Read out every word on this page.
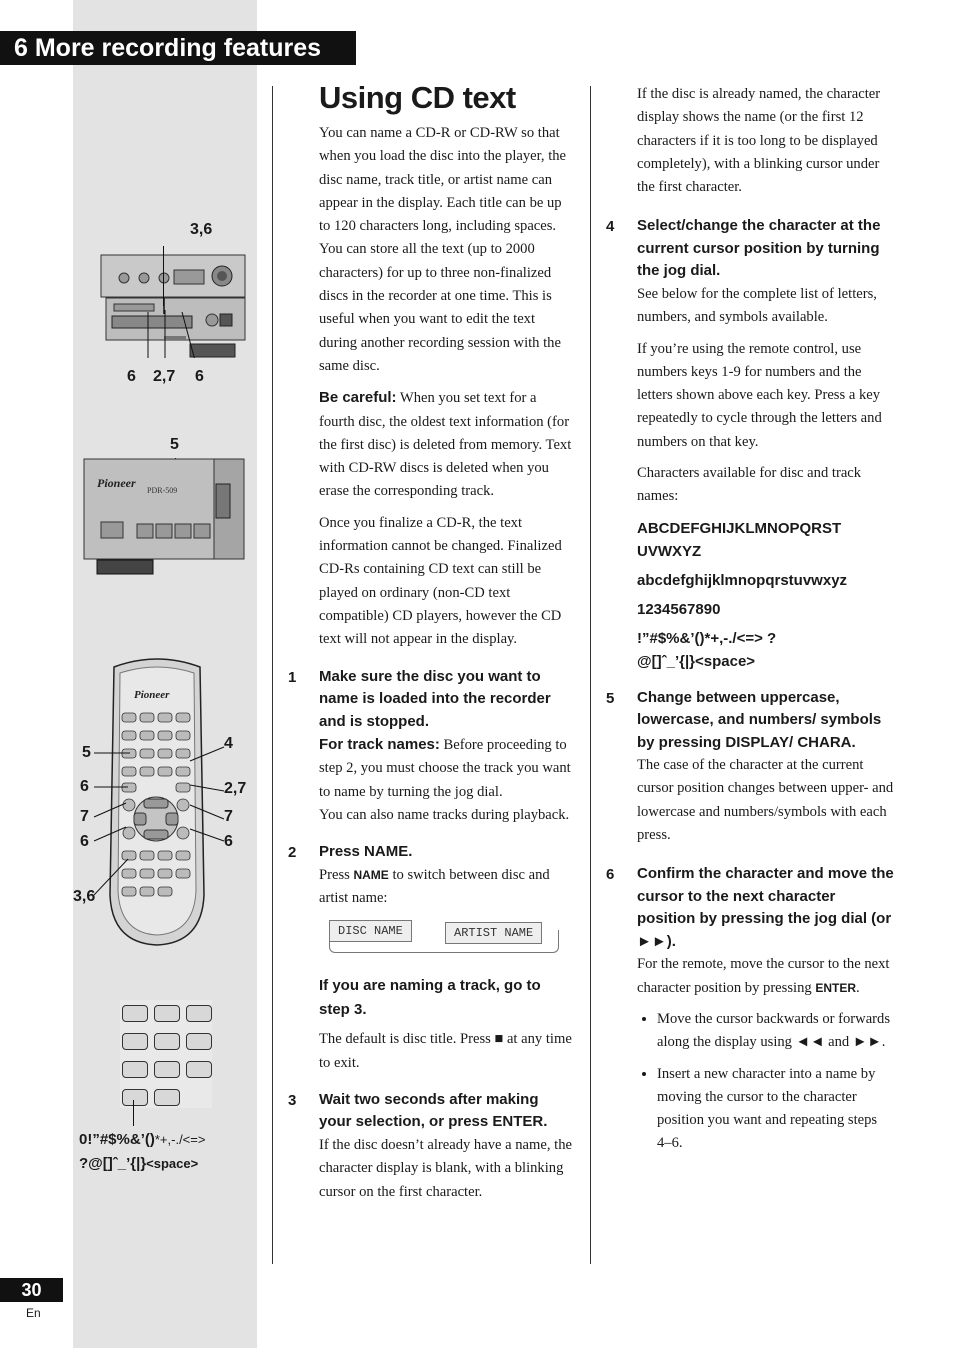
6 More recording features
3,6
6 2,7 6
5
Pioneer
PDR-509
Pioneer
5
6
7
6
3,6
4
2,7
7
6
0!”#$%&’()*+,-./<=>
?@[]ˆ_’{|}<space>
30
En
Using CD text

You can name a CD-R or CD-RW so that when you load the disc into the player, the disc name, track title, or artist name can appear in the display. Each title can be up to 120 characters long, including spaces. You can store all the text (up to 2000 characters) for up to three non-finalized discs in the recorder at one time. This is useful when you want to edit the text during another recording session with the same disc.

Be careful: When you set text for a fourth disc, the oldest text information (for the first disc) is deleted from memory. Text with CD-RW discs is deleted when you erase the corresponding track.

Once you finalize a CD-R, the text information cannot be changed. Finalized CD-Rs containing CD text can still be played on ordinary (non-CD text compatible) CD players, however the CD text will not appear in the display.

1 Make sure the disc you want to name is loaded into the recorder and is stopped.
For track names: Before proceeding to step 2, you must choose the track you want to name by turning the jog dial.
You can also name tracks during playback.
2 Press NAME.
Press NAME to switch between disc and artist name:
DISC NAME	ARTIST NAME
If you are naming a track, go to step 3.
The default is disc title. Press ■ at any time to exit.
3 Wait two seconds after making your selection, or press ENTER.
If the disc doesn’t already have a name, the character display is blank, with a blinking cursor on the first character.

If the disc is already named, the character display shows the name (or the first 12 characters if it is too long to be displayed completely), with a blinking cursor under the first character.

4 Select/change the character at the current cursor position by turning the jog dial.

See below for the complete list of letters, numbers, and symbols available.

If you’re using the remote control, use numbers keys 1-9 for numbers and the letters shown above each key. Press a key repeatedly to cycle through the letters and numbers on that key.

Characters available for disc and track names:

ABCDEFGHIJKLMNOPQRST UVWXYZ
abcdefghijklmnopqrstuvwxyz
1234567890
!”#$%&’()*+,-./<=> ?
@[]ˆ_’{|}<space>
5 Change between uppercase, lowercase, and numbers/ symbols by pressing DISPLAY/ CHARA.
The case of the character at the current cursor position changes between upper- and lowercase and numbers/symbols with each press.
6 Confirm the character and move the cursor to the next character position by pressing the jog dial (or ►►).
For the remote, move the cursor to the next character position by pressing ENTER.
• Move the cursor backwards or forwards along the display using ◄◄ and ►►.
• Insert a new character into a name by moving the cursor to the character position you want and repeating steps 4–6.
